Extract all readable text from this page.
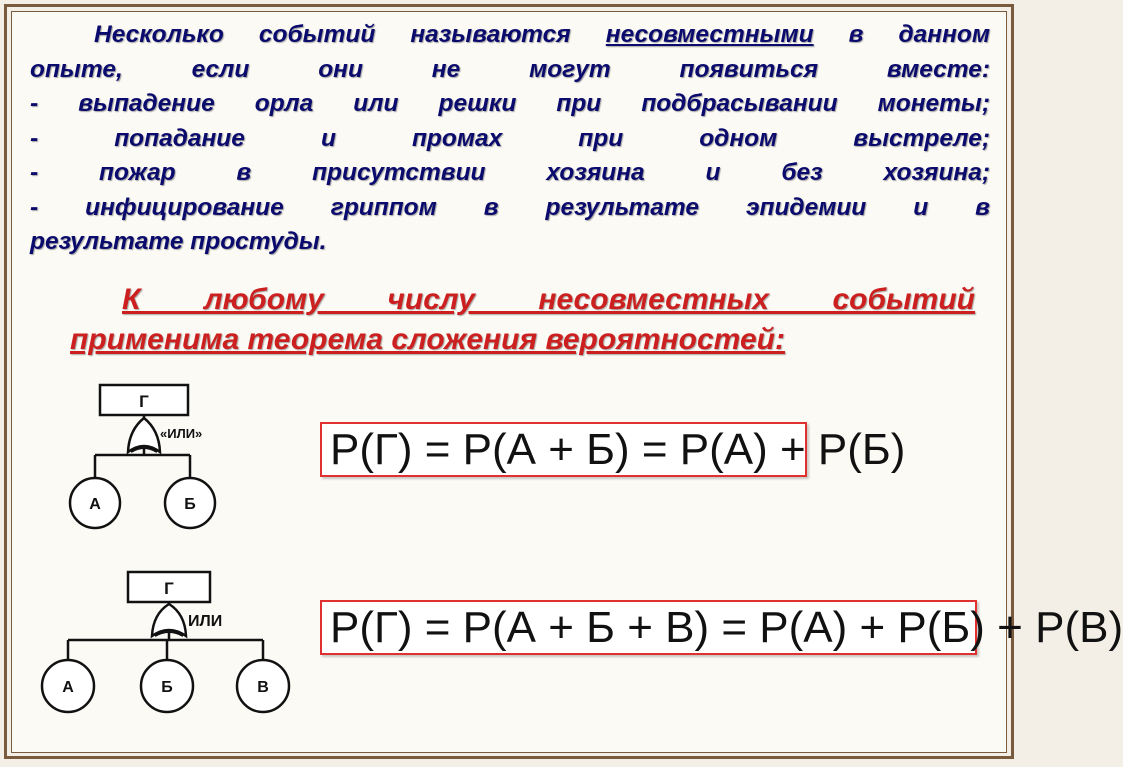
Несколько событий называются несовместными в данном
опыте, если они не могут появиться вместе:
- выпадение орла или решки при подбрасывании монеты;
- попадание и промах при одном выстреле;
- пожар в присутствии хозяина и без хозяина;
- инфицирование гриппом в результате эпидемии и в
результате простуды.
К любому числу несовместных событий
применима теорема сложения вероятностей:
Г
«ИЛИ»
А	Б
Г
ИЛИ
А	Б	В
P(Г) = P(А + Б) = P(А) + P(Б)
P(Г) = P(А + Б + В) = P(А) + P(Б) + P(В)
